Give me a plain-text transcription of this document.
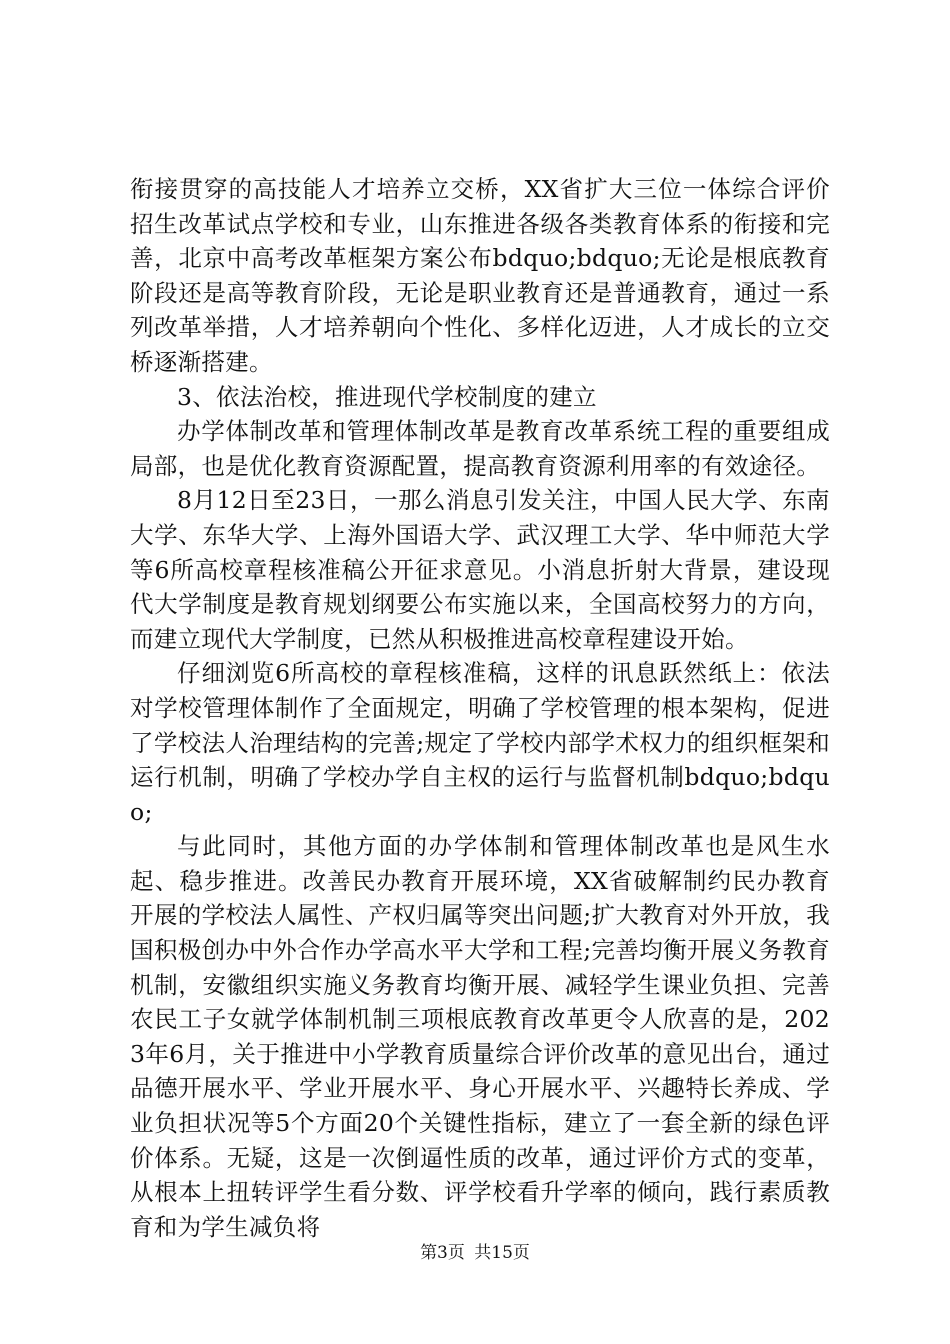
衔接贯穿的高技能人才培养立交桥，XX省扩大三位一体综合评价招生改革试点学校和专业，山东推进各级各类教育体系的衔接和完善，北京中高考改革框架方案公布bdquo;bdquo;无论是根底教育阶段还是高等教育阶段，无论是职业教育还是普通教育，通过一系列改革举措，人才培养朝向个性化、多样化迈进，人才成长的立交桥逐渐搭建。

3、依法治校，推进现代学校制度的建立

办学体制改革和管理体制改革是教育改革系统工程的重要组成局部，也是优化教育资源配置，提高教育资源利用率的有效途径。

8月12日至23日，一那么消息引发关注，中国人民大学、东南大学、东华大学、上海外国语大学、武汉理工大学、华中师范大学等6所高校章程核准稿公开征求意见。小消息折射大背景，建设现代大学制度是教育规划纲要公布实施以来，全国高校努力的方向，而建立现代大学制度，已然从积极推进高校章程建设开始。

仔细浏览6所高校的章程核准稿，这样的讯息跃然纸上：依法对学校管理体制作了全面规定，明确了学校管理的根本架构，促进了学校法人治理结构的完善;规定了学校内部学术权力的组织框架和运行机制，明确了学校办学自主权的运行与监督机制bdquo;bdquo;

与此同时，其他方面的办学体制和管理体制改革也是风生水起、稳步推进。改善民办教育开展环境，XX省破解制约民办教育开展的学校法人属性、产权归属等突出问题;扩大教育对外开放，我国积极创办中外合作办学高水平大学和工程;完善均衡开展义务教育机制，安徽组织实施义务教育均衡开展、减轻学生课业负担、完善农民工子女就学体制机制三项根底教育改革更令人欣喜的是，2023年6月，关于推进中小学教育质量综合评价改革的意见出台，通过品德开展水平、学业开展水平、身心开展水平、兴趣特长养成、学业负担状况等5个方面20个关键性指标，建立了一套全新的绿色评价体系。无疑，这是一次倒逼性质的改革，通过评价方式的变革，从根本上扭转评学生看分数、评学校看升学率的倾向，践行素质教育和为学生减负将

第3页 共15页
